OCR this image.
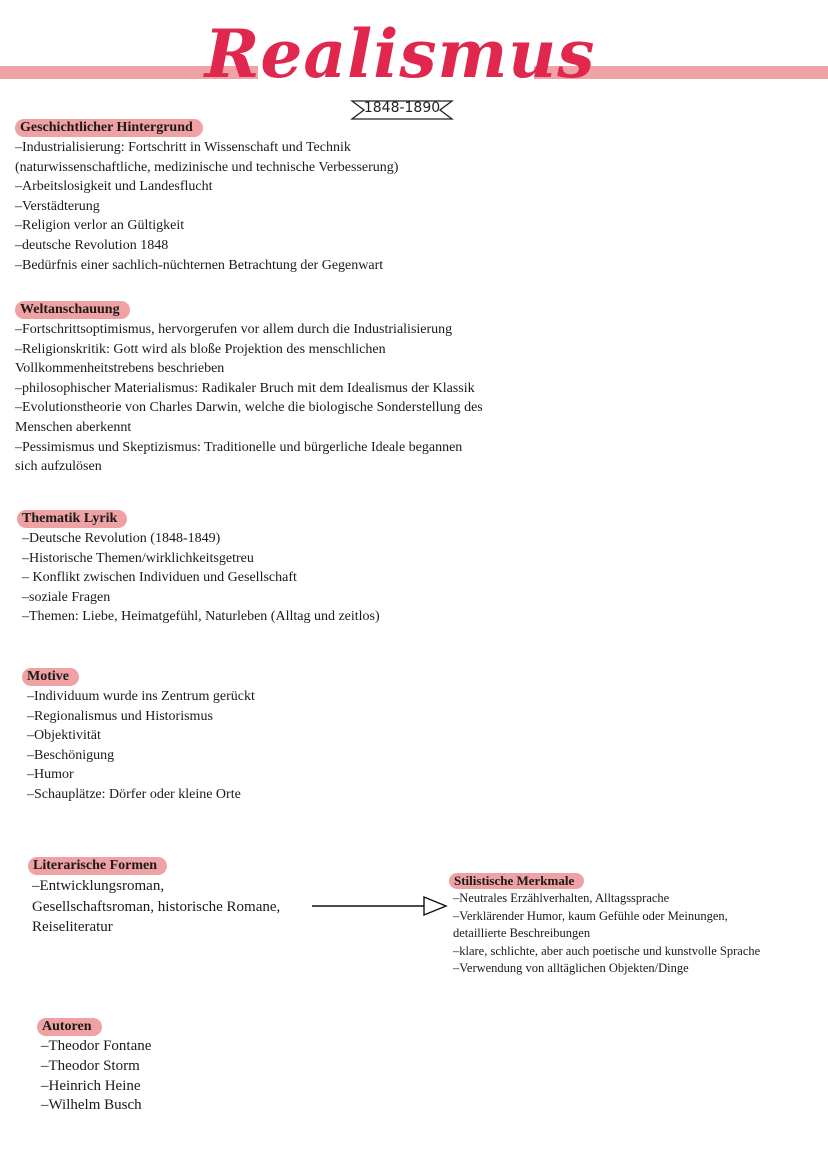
Realismus
1848-1890
Geschichtlicher Hintergrund
–Industrialisierung: Fortschritt in Wissenschaft und Technik
(naturwissenschaftliche, medizinische und technische Verbesserung)
–Arbeitslosigkeit und Landesflucht
–Verstädterung
–Religion verlor an Gültigkeit
–deutsche Revolution 1848
–Bedürfnis einer sachlich-nüchternen Betrachtung der Gegenwart
Weltanschauung
–Fortschrittsoptimismus, hervorgerufen vor allem durch die Industrialisierung
–Religionskritik: Gott wird als bloße Projektion des menschlichen
Vollkommenheitstrebens beschrieben
–philosophischer Materialismus: Radikaler Bruch mit dem Idealismus der Klassik
–Evolutionstheorie von Charles Darwin, welche die biologische Sonderstellung des
Menschen aberkennt
–Pessimismus und Skeptizismus: Traditionelle und bürgerliche Ideale begannen
sich aufzulösen
Thematik Lyrik
–Deutsche Revolution (1848-1849)
–Historische Themen/wirklichkeitsgetreu
– Konflikt zwischen Individuen und Gesellschaft
–soziale Fragen
–Themen: Liebe, Heimatgefühl, Naturleben (Alltag und zeitlos)
Motive
–Individuum wurde ins Zentrum gerückt
–Regionalismus und Historismus
–Objektivität
–Beschönigung
–Humor
–Schauplätze: Dörfer oder kleine Orte
Literarische Formen
–Entwicklungsroman,
Gesellschaftsroman, historische Romane,
Reiseliteratur
Stilistische Merkmale
–Neutrales Erzählverhalten, Alltagssprache
–Verklärender Humor, kaum Gefühle oder Meinungen,
detaillierte Beschreibungen
–klare, schlichte, aber auch poetische und kunstvolle Sprache
–Verwendung von alltäglichen Objekten/Dinge
Autoren
–Theodor Fontane
–Theodor Storm
–Heinrich Heine
–Wilhelm Busch
